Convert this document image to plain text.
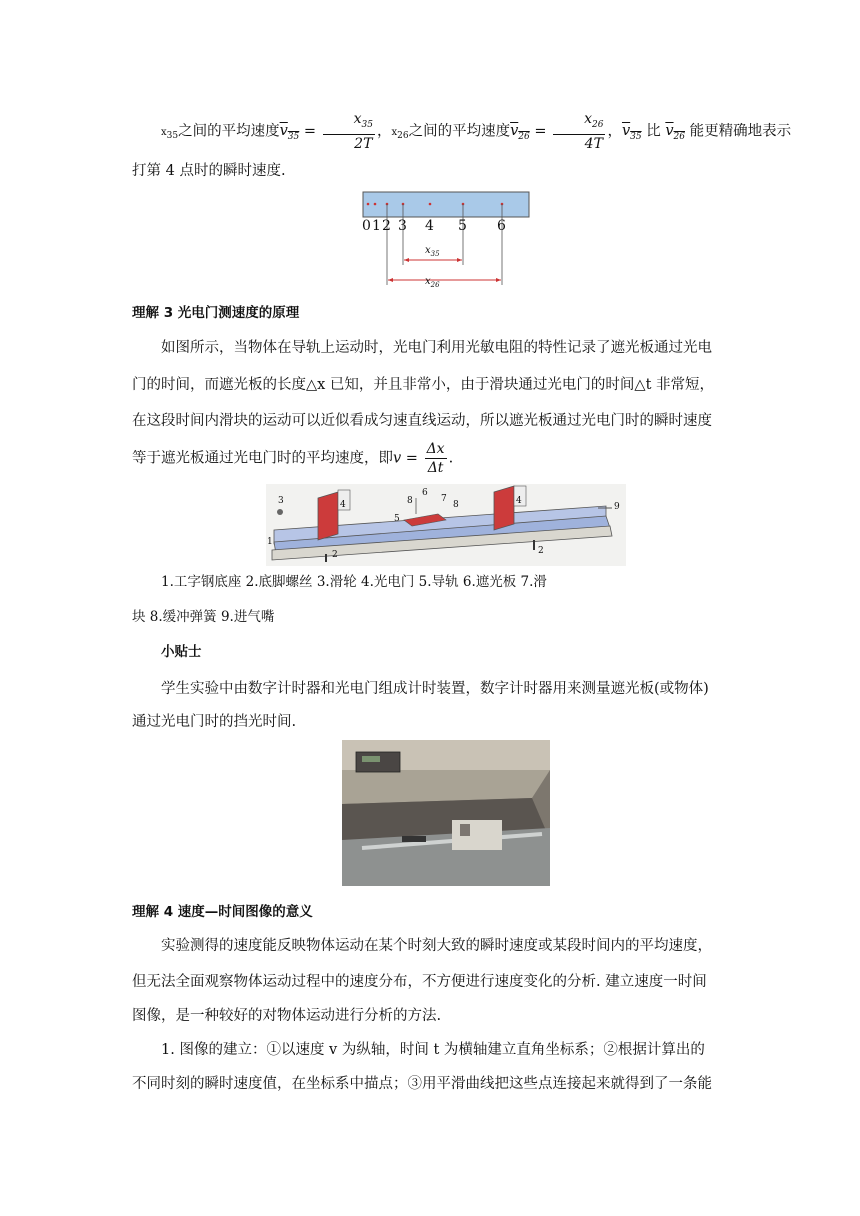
$x_{35}$之间的平均速度$v_{35} = \frac{x_{35}}{2T}$ ，$x_{26}$之间的平均速度$v_{26} = \frac{x_{26}}{4T}$ ，$v_{35}$ 比 $v_{26}$ 能更精确地表示
打第 4 点时的瞬时速度.
0 1 2 3 4 5 6
$x_{35}$
$x_{26}$
理解 3 光电门测速度的原理
如图所示，当物体在导轨上运动时，光电门利用光敏电阻的特性记录了遮光板通过光电
门的时间，而遮光板的长度△x 已知，并且非常小，由于滑块通过光电门的时间△t 非常短，
在这段时间内滑块的运动可以近似看成匀速直线运动，所以遮光板通过光电门时的瞬时速度
等于遮光板通过光电门时的平均速度，即$v = \frac{\Delta x}{\Delta t}$ .
1
2	2
3	4	4
5
6
7
8	8	9
1.工字钢底座 2.底脚螺丝 3.滑轮 4.光电门 5.导轨 6.遮光板 7.滑
块 8.缓冲弹簧 9.进气嘴
小贴士
学生实验中由数字计时器和光电门组成计时装置，数字计时器用来测量遮光板(或物体)
通过光电门时的挡光时间.
理解 4 速度—时间图像的意义
实验测得的速度能反映物体运动在某个时刻大致的瞬时速度或某段时间内的平均速度，
但无法全面观察物体运动过程中的速度分布，不方便进行速度变化的分析. 建立速度一时间
图像，是一种较好的对物体运动进行分析的方法.
1. 图像的建立：①以速度 v 为纵轴，时间 t 为横轴建立直角坐标系；②根据计算出的
不同时刻的瞬时速度值，在坐标系中描点；③用平滑曲线把这些点连接起来就得到了一条能
